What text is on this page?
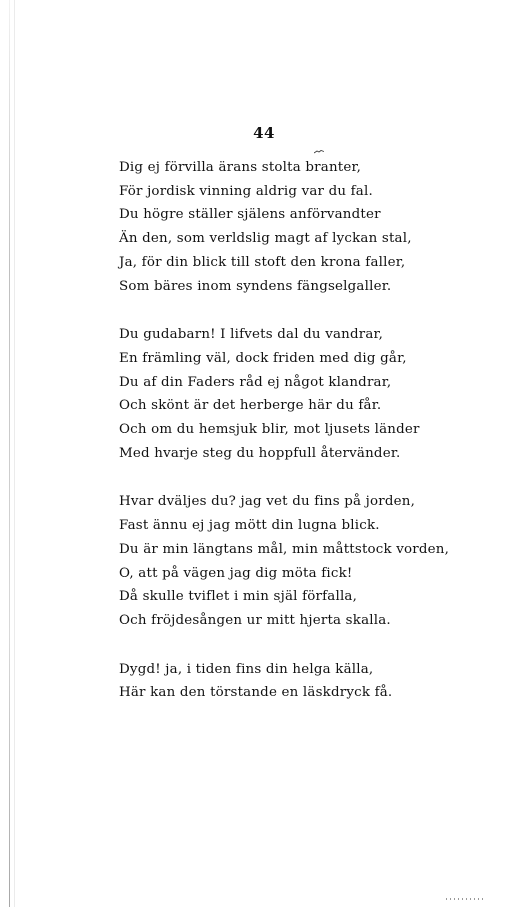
44
Dig ej förvilla ärans stolta branter,
För jordisk vinning aldrig var du fal.
Du högre ställer själens anförvandter
Än den, som verldslig magt af lyckan stal,
Ja, för din blick till stoft den krona faller,
Som bäres inom syndens fängselgaller.
Du gudabarn! I lifvets dal du vandrar,
En främling väl, dock friden med dig går,
Du af din Faders råd ej något klandrar,
Och skönt är det herberge här du får.
Och om du hemsjuk blir, mot ljusets länder
Med hvarje steg du hoppfull återvänder.
Hvar dväljes du? jag vet du fins på jorden,
Fast ännu ej jag mött din lugna blick.
Du är min längtans mål, min måttstock vorden,
O, att på vägen jag dig möta fick!
Då skulle tviflet i min själ förfalla,
Och fröjdesången ur mitt hjerta skalla.
Dygd! ja, i tiden fins din helga källa,
Här kan den törstande en läskdryck få.
